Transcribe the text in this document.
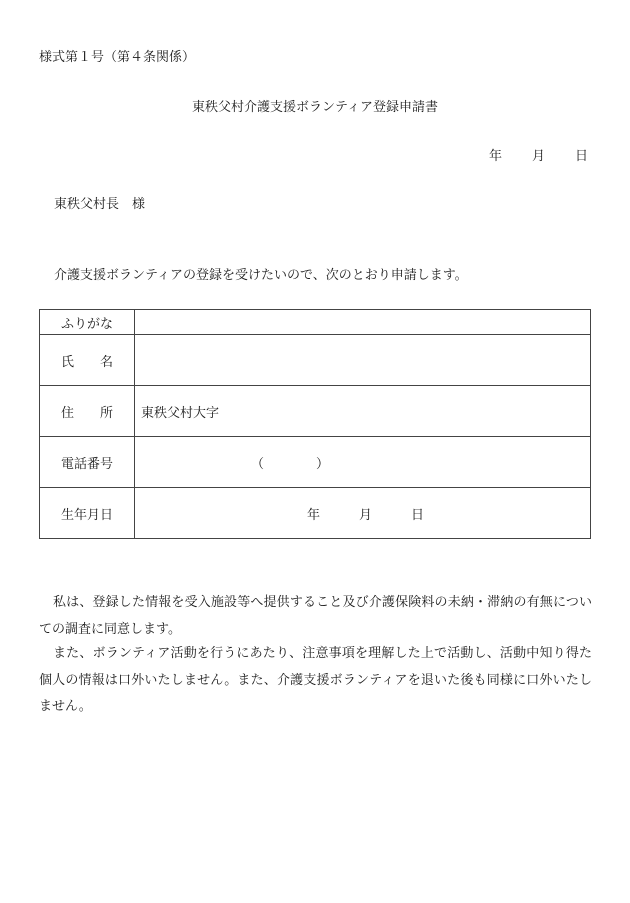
様式第１号（第４条関係）
東秩父村介護支援ボランティア登録申請書
年 月 日
東秩父村長　様
介護支援ボランティアの登録を受けたいので、次のとおり申請します。
ふりがな	
氏　　名	
住　　所	東秩父村大字
電話番号	（　　　　）
生年月日	年　　　月　　　日
私は、登録した情報を受入施設等へ提供すること及び介護保険料の未納・滞納の有無についての調査に同意します。
また、ボランティア活動を行うにあたり、注意事項を理解した上で活動し、活動中知り得た個人の情報は口外いたしません。また、介護支援ボランティアを退いた後も同様に口外いたしません。
